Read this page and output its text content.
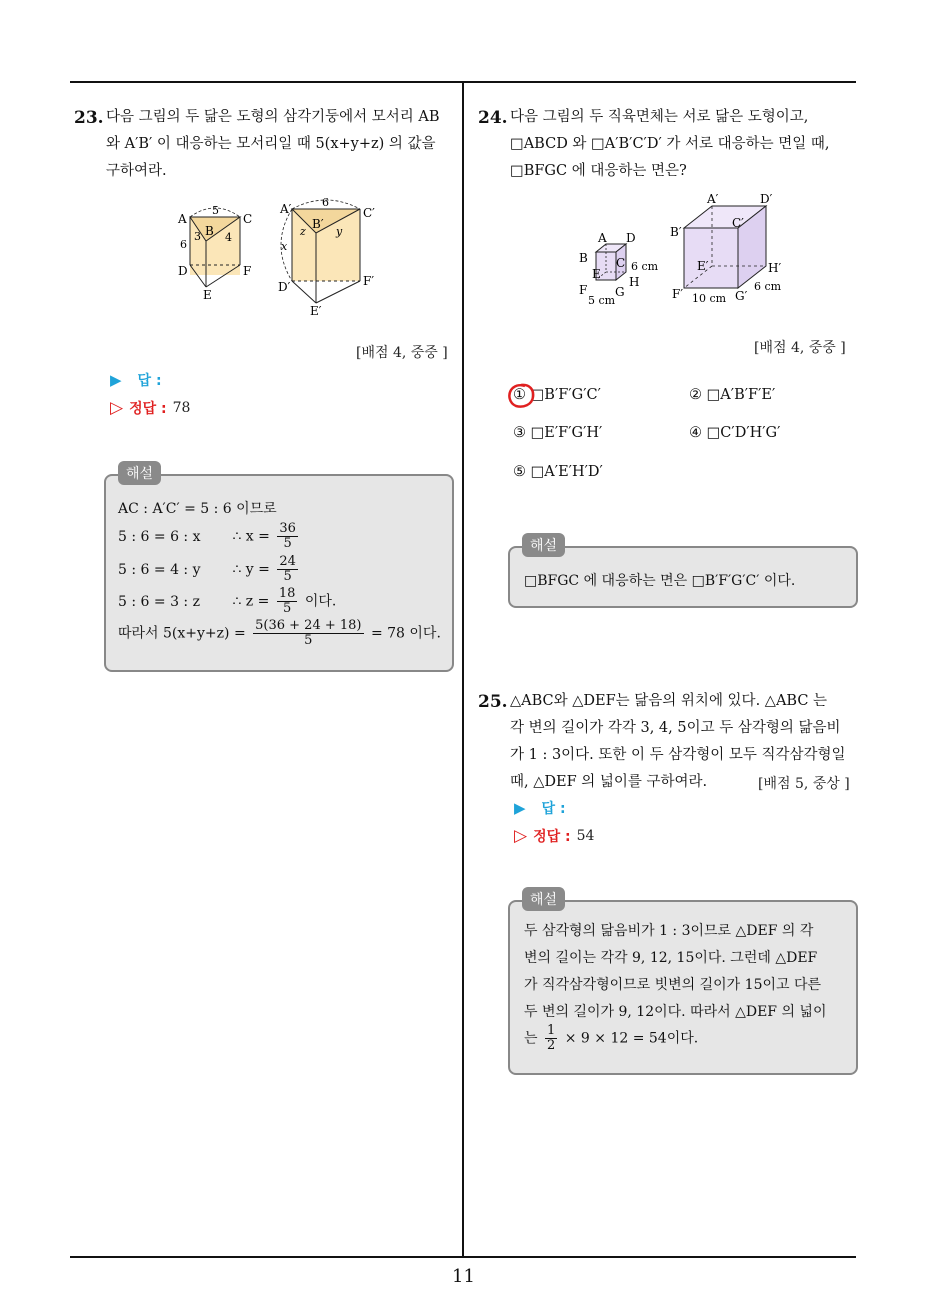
11
23. 다음 그림의 두 닮은 도형의 삼각기둥에서 모서리 AB
와 A′B′ 이 대응하는 모서리일 때 5(x+y+z) 의 값을
구하여라.
A
B
C
D
E
F
5
3 4
6
A′
B′
C′
D′
E′
F′
6
z	y
x
[배점 4, 중중 ]
▶ 답 :
▷ 정답 : 78
AC : A′C′ = 5 : 6 이므로
5 : 6 = 6 : x ∴ $x = \frac{36}{5}$
5 : 6 = 4 : y ∴ $y = \frac{24}{5}$
5 : 6 = 3 : z ∴ $z = \frac{18}{5}$ 이다.
따라서 $5(x+y+z) = \frac{5(36 + 24 + 18)}{5} = 78$ 이다.
해설
24. 다음 그림의 두 직육면체는 서로 닮은 도형이고,
□ABCD 와 □A′B′C′D′ 가 서로 대응하는 면일 때,
□BFGC 에 대응하는 면은?
A D
B C
E
H
F G
6 cm
5 cm
A′	D′
B′
C′
E′	H′
F′	G′
6 cm
10 cm
[배점 4, 중중 ]
① □B′F′G′C′	② □A′B′F′E′
③ □E′F′G′H′	④ □C′D′H′G′
⑤ □A′E′H′D′
□BFGC 에 대응하는 면은 □B′F′G′C′ 이다.
해설
25. △ABC와 △DEF는 닮음의 위치에 있다. △ABC 는
각 변의 길이가 각각 3, 4, 5이고 두 삼각형의 닮음비
가 1 : 3이다. 또한 이 두 삼각형이 모두 직각삼각형일
때, △DEF 의 넓이를 구하여라.	[배점 5, 중상 ]
▶ 답 :
▷ 정답 : 54
두 삼각형의 닮음비가 1 : 3이므로 △DEF 의 각
변의 길이는 각각 9, 12, 15이다. 그런데 △DEF
가 직각삼각형이므로 빗변의 길이가 15이고 다른
두 변의 길이가 9, 12이다. 따라서 △DEF 의 넓이
는 $\frac{1}{2} \times 9 \times 12 = 54$이다.
해설
